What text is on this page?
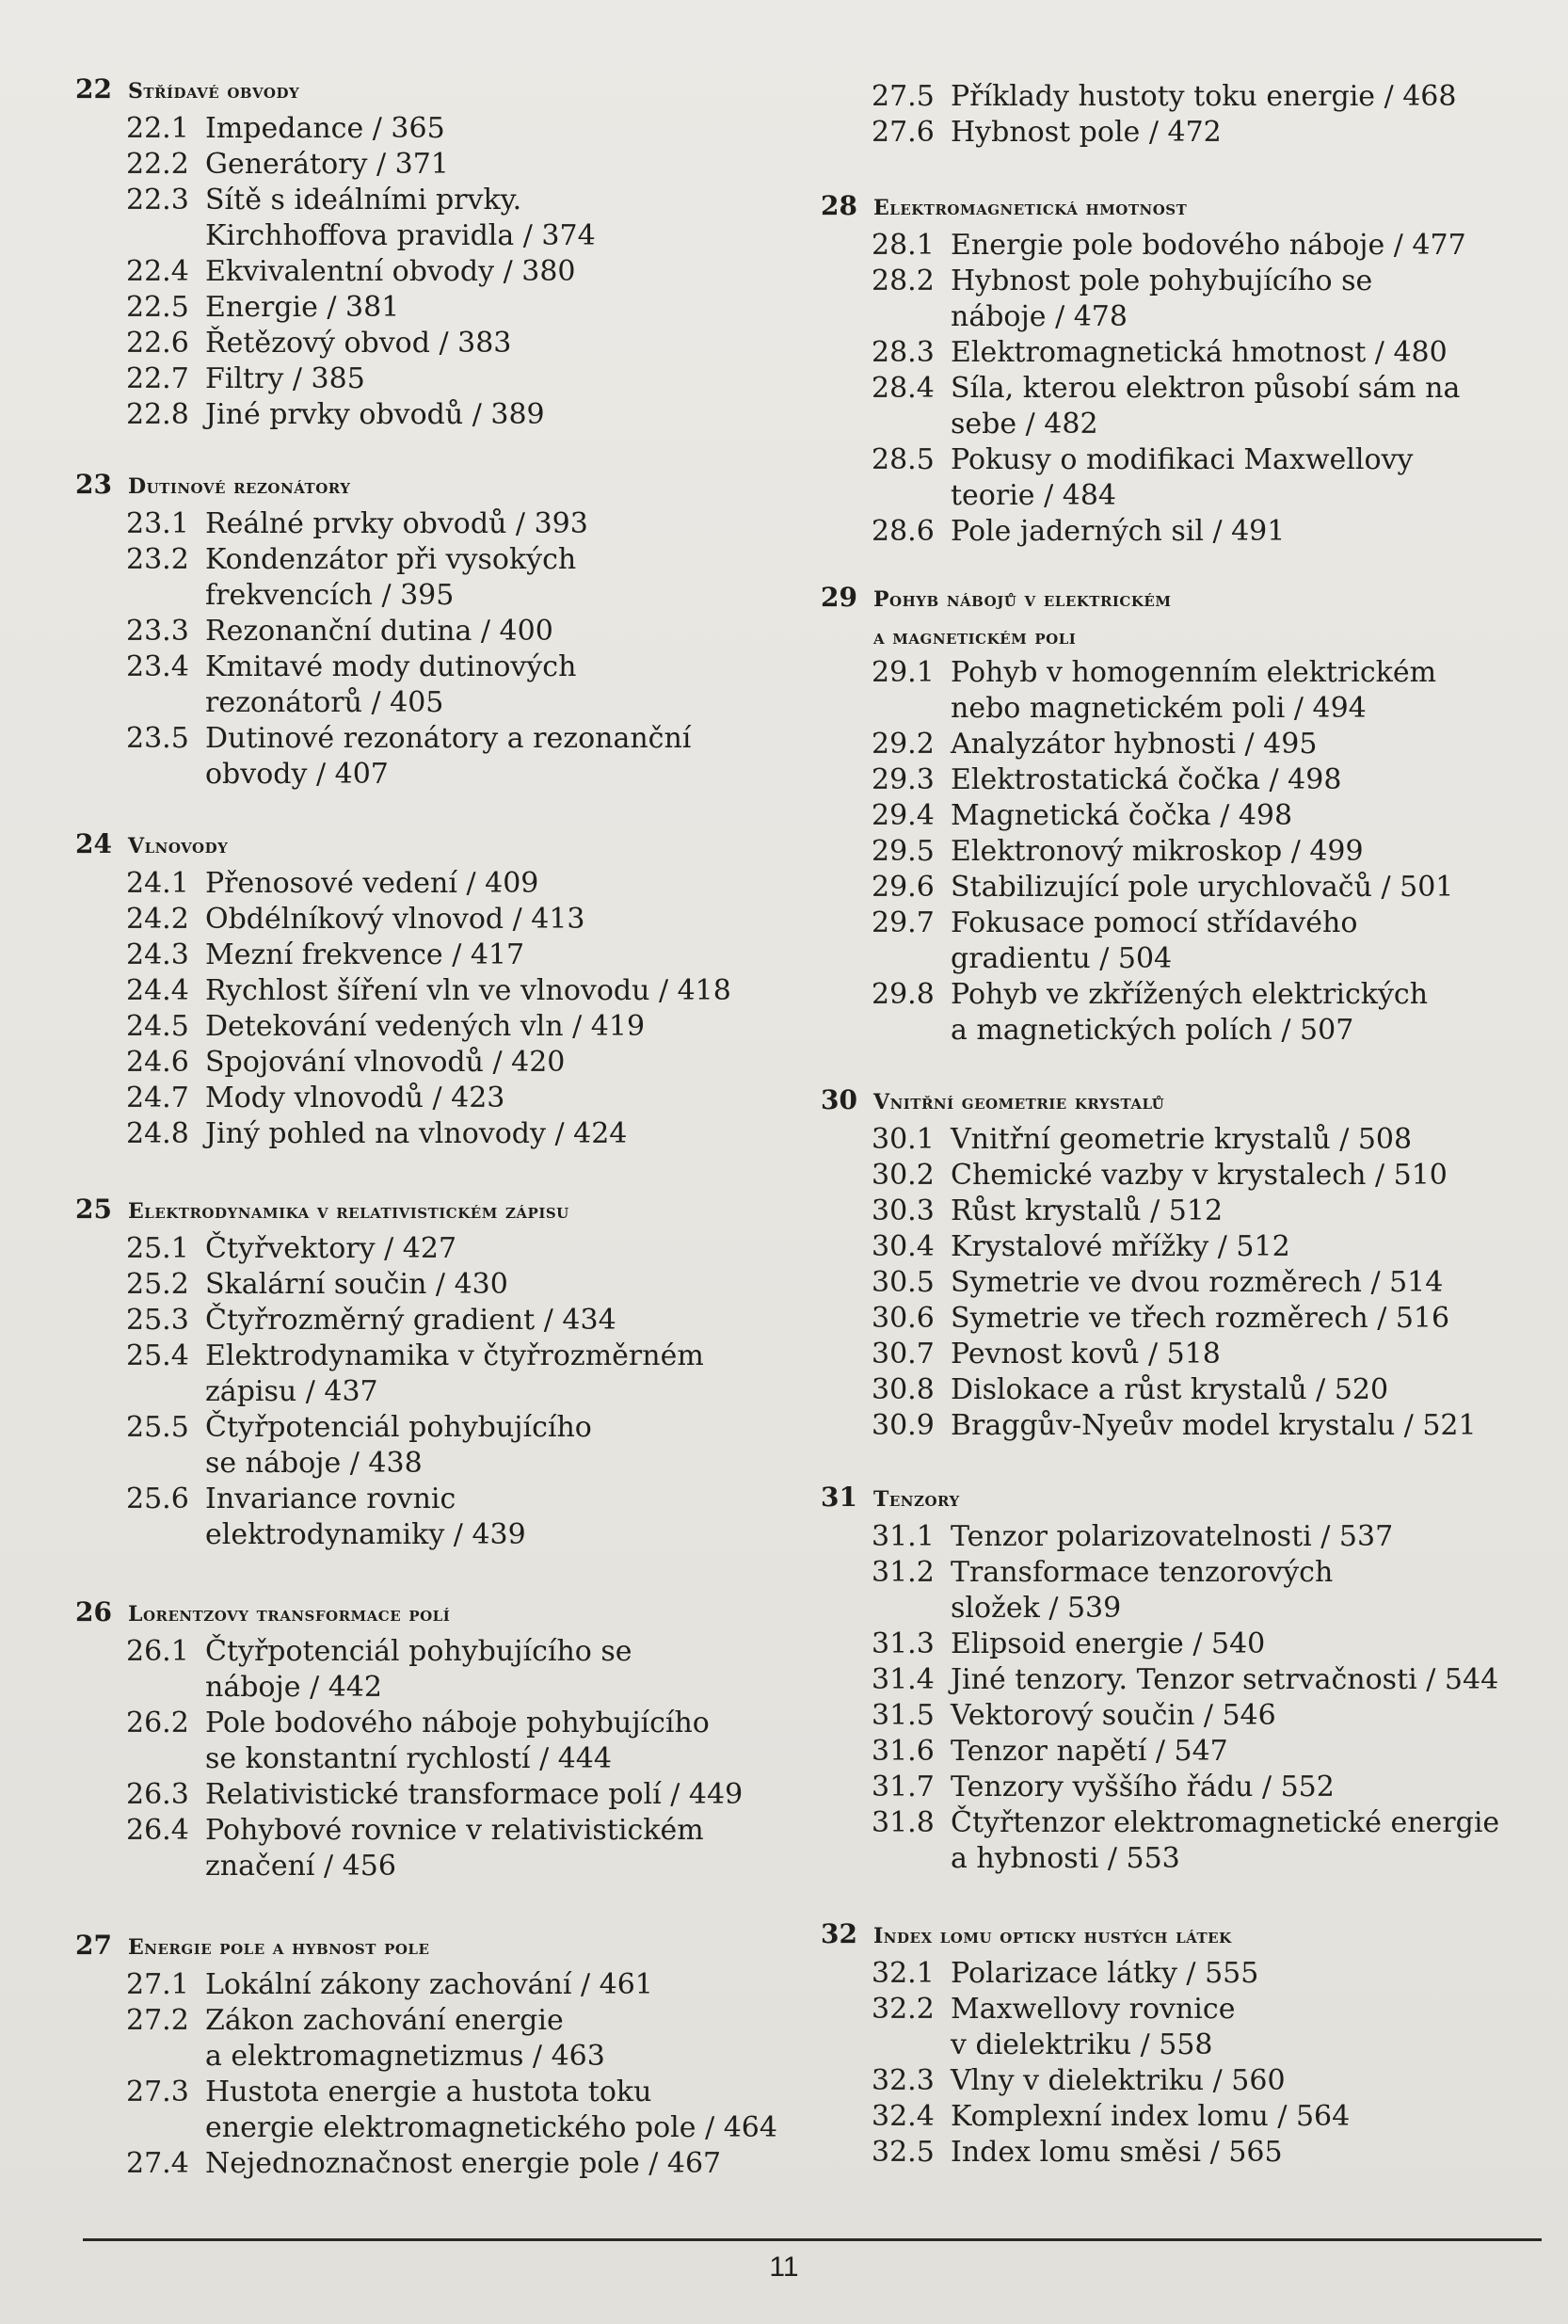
22 Střídavé obvody
22.1 Impedance / 365
22.2 Generátory / 371
22.3 Sítě s ideálními prvky.
Kirchhoffova pravidla / 374
22.4 Ekvivalentní obvody / 380
22.5 Energie / 381
22.6 Řetězový obvod / 383
22.7 Filtry / 385
22.8 Jiné prvky obvodů / 389
23 Dutinové rezonátory
23.1 Reálné prvky obvodů / 393
23.2 Kondenzátor při vysokých
frekvencích / 395
23.3 Rezonanční dutina / 400
23.4 Kmitavé mody dutinových
rezonátorů / 405
23.5 Dutinové rezonátory a rezonanční
obvody / 407
24 Vlnovody
24.1 Přenosové vedení / 409
24.2 Obdélníkový vlnovod / 413
24.3 Mezní frekvence / 417
24.4 Rychlost šíření vln ve vlnovodu / 418
24.5 Detekování vedených vln / 419
24.6 Spojování vlnovodů / 420
24.7 Mody vlnovodů / 423
24.8 Jiný pohled na vlnovody / 424
25 Elektrodynamika v relativistickém zápisu
25.1 Čtyřvektory / 427
25.2 Skalární součin / 430
25.3 Čtyřrozměrný gradient / 434
25.4 Elektrodynamika v čtyřrozměrném
zápisu / 437
25.5 Čtyřpotenciál pohybujícího
se náboje / 438
25.6 Invariance rovnic
elektrodynamiky / 439
26 Lorentzovy transformace polí
26.1 Čtyřpotenciál pohybujícího se
náboje / 442
26.2 Pole bodového náboje pohybujícího
se konstantní rychlostí / 444
26.3 Relativistické transformace polí / 449
26.4 Pohybové rovnice v relativistickém
značení / 456
27 Energie pole a hybnost pole
27.1 Lokální zákony zachování / 461
27.2 Zákon zachování energie
a elektromagnetizmus / 463
27.3 Hustota energie a hustota toku
energie elektromagnetického pole / 464
27.4 Nejednoznačnost energie pole / 467
27.5 Příklady hustoty toku energie / 468
27.6 Hybnost pole / 472
28 Elektromagnetická hmotnost
28.1 Energie pole bodového náboje / 477
28.2 Hybnost pole pohybujícího se
náboje / 478
28.3 Elektromagnetická hmotnost / 480
28.4 Síla, kterou elektron působí sám na
sebe / 482
28.5 Pokusy o modifikaci Maxwellovy
teorie / 484
28.6 Pole jaderných sil / 491
29 Pohyb nábojů v elektrickém
a magnetickém poli
29.1 Pohyb v homogenním elektrickém
nebo magnetickém poli / 494
29.2 Analyzátor hybnosti / 495
29.3 Elektrostatická čočka / 498
29.4 Magnetická čočka / 498
29.5 Elektronový mikroskop / 499
29.6 Stabilizující pole urychlovačů / 501
29.7 Fokusace pomocí střídavého
gradientu / 504
29.8 Pohyb ve zkřížených elektrických
a magnetických polích / 507
30 Vnitřní geometrie krystalů
30.1 Vnitřní geometrie krystalů / 508
30.2 Chemické vazby v krystalech / 510
30.3 Růst krystalů / 512
30.4 Krystalové mřížky / 512
30.5 Symetrie ve dvou rozměrech / 514
30.6 Symetrie ve třech rozměrech / 516
30.7 Pevnost kovů / 518
30.8 Dislokace a růst krystalů / 520
30.9 Braggův-Nyeův model krystalu / 521
31 Tenzory
31.1 Tenzor polarizovatelnosti / 537
31.2 Transformace tenzorových
složek / 539
31.3 Elipsoid energie / 540
31.4 Jiné tenzory. Tenzor setrvačnosti / 544
31.5 Vektorový součin / 546
31.6 Tenzor napětí / 547
31.7 Tenzory vyššího řádu / 552
31.8 Čtyřtenzor elektromagnetické energie
a hybnosti / 553
32 Index lomu opticky hustých látek
32.1 Polarizace látky / 555
32.2 Maxwellovy rovnice
v dielektriku / 558
32.3 Vlny v dielektriku / 560
32.4 Komplexní index lomu / 564
32.5 Index lomu směsi / 565
11
